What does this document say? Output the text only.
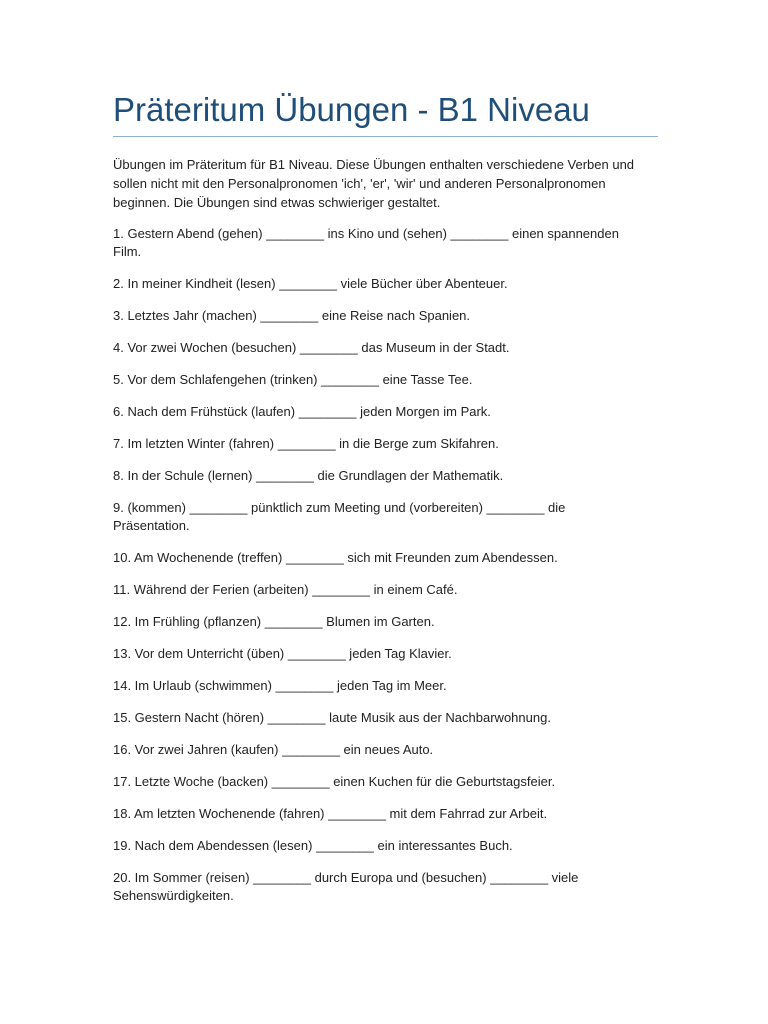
Präteritum Übungen - B1 Niveau

Übungen im Präteritum für B1 Niveau. Diese Übungen enthalten verschiedene Verben und sollen nicht mit den Personalpronomen 'ich', 'er', 'wir' und anderen Personalpronomen beginnen. Die Übungen sind etwas schwieriger gestaltet.

1. Gestern Abend (gehen) ________ ins Kino und (sehen) ________ einen spannenden Film.
2. In meiner Kindheit (lesen) ________ viele Bücher über Abenteuer.
3. Letztes Jahr (machen) ________ eine Reise nach Spanien.
4. Vor zwei Wochen (besuchen) ________ das Museum in der Stadt.
5. Vor dem Schlafengehen (trinken) ________ eine Tasse Tee.
6. Nach dem Frühstück (laufen) ________ jeden Morgen im Park.
7. Im letzten Winter (fahren) ________ in die Berge zum Skifahren.
8. In der Schule (lernen) ________ die Grundlagen der Mathematik.
9. (kommen) ________ pünktlich zum Meeting und (vorbereiten) ________ die Präsentation.
10. Am Wochenende (treffen) ________ sich mit Freunden zum Abendessen.
11. Während der Ferien (arbeiten) ________ in einem Café.
12. Im Frühling (pflanzen) ________ Blumen im Garten.
13. Vor dem Unterricht (üben) ________ jeden Tag Klavier.
14. Im Urlaub (schwimmen) ________ jeden Tag im Meer.
15. Gestern Nacht (hören) ________ laute Musik aus der Nachbarwohnung.
16. Vor zwei Jahren (kaufen) ________ ein neues Auto.
17. Letzte Woche (backen) ________ einen Kuchen für die Geburtstagsfeier.
18. Am letzten Wochenende (fahren) ________ mit dem Fahrrad zur Arbeit.
19. Nach dem Abendessen (lesen) ________ ein interessantes Buch.
20. Im Sommer (reisen) ________ durch Europa und (besuchen) ________ viele Sehenswürdigkeiten.
